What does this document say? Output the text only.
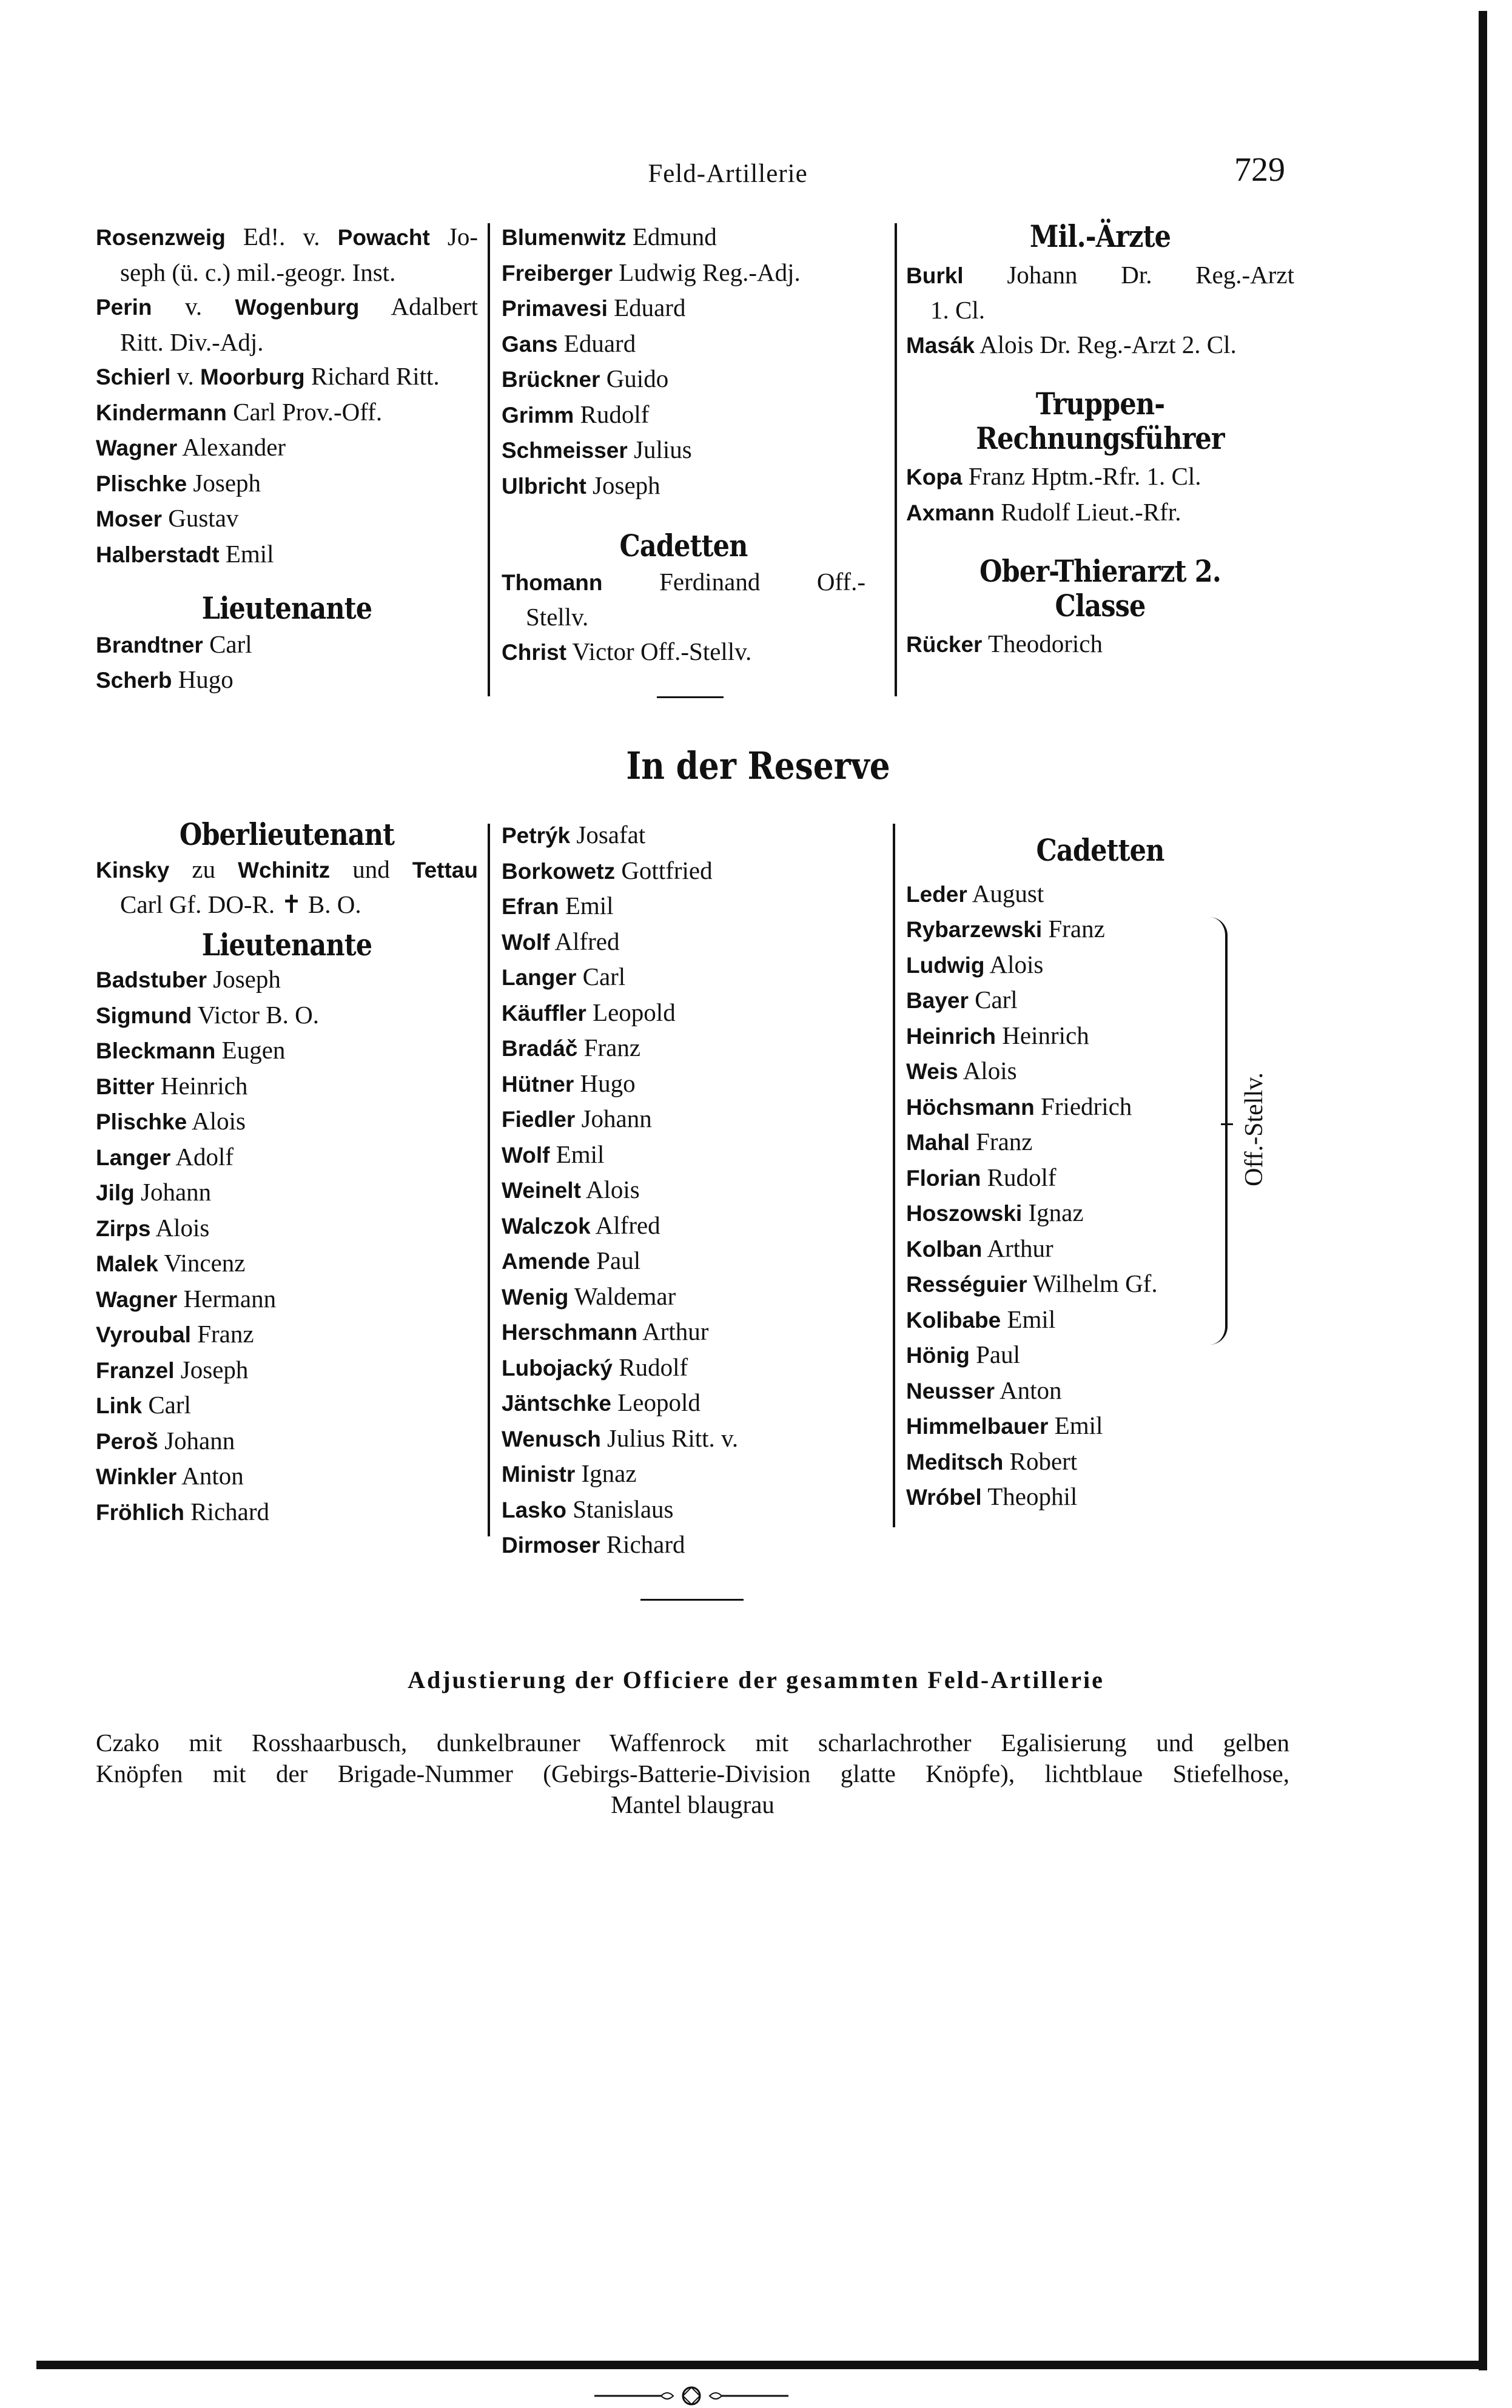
Feld-Artillerie	729
Rosenzweig Ed!. v. Powacht Jo-
seph (ü. c.) mil.-geogr. Inst.
Perin v. Wogenburg Adalbert
Ritt. Div.-Adj.
Schierl v. Moorburg Richard Ritt.
Kindermann Carl Prov.-Off.
Wagner Alexander
Plischke Joseph
Moser Gustav
Halberstadt Emil
Lieutenante
Brandtner Carl
Scherb Hugo
Blumenwitz Edmund
Freiberger Ludwig Reg.-Adj.
Primavesi Eduard
Gans Eduard
Brückner Guido
Grimm Rudolf
Schmeisser Julius
Ulbricht Joseph
Cadetten
Thomann Ferdinand Off.-
Stellv.
Christ Victor Off.-Stellv.
Mil.-Ärzte
Burkl Johann Dr. Reg.-Arzt
1. Cl.
Masák Alois Dr. Reg.-Arzt 2. Cl.
Truppen-Rechnungsführer
Kopa Franz Hptm.-Rfr. 1. Cl.
Axmann Rudolf Lieut.-Rfr.
Ober-Thierarzt 2. Classe
Rücker Theodorich
In der Reserve
Oberlieutenant
Kinsky zu Wchinitz und Tettau
Carl Gf. DO-R. ✝ B. O.
Lieutenante
Badstuber Joseph
Sigmund Victor B. O.
Bleckmann Eugen
Bitter Heinrich
Plischke Alois
Langer Adolf
Jilg Johann
Zirps Alois
Malek Vincenz
Wagner Hermann
Vyroubal Franz
Franzel Joseph
Link Carl
Peroš Johann
Winkler Anton
Fröhlich Richard
Petrýk Josafat
Borkowetz Gottfried
Efran Emil
Wolf Alfred
Langer Carl
Käuffler Leopold
Bradáč Franz
Hütner Hugo
Fiedler Johann
Wolf Emil
Weinelt Alois
Walczok Alfred
Amende Paul
Wenig Waldemar
Herschmann Arthur
Lubojacký Rudolf
Jäntschke Leopold
Wenusch Julius Ritt. v.
Ministr Ignaz
Lasko Stanislaus
Dirmoser Richard
Cadetten
Leder August
Rybarzewski Franz
Ludwig Alois
Bayer Carl
Heinrich Heinrich
Weis Alois
Höchsmann Friedrich
Mahal Franz
Florian Rudolf
Hoszowski Ignaz
Kolban Arthur
Rességuier Wilhelm Gf.
Kolibabe Emil
Hönig Paul
Neusser Anton
Himmelbauer Emil
Meditsch Robert
Wróbel Theophil
Off.-Stellv.
Adjustierung der Officiere der gesammten Feld-Artillerie
Czako mit Rosshaarbusch, dunkelbrauner Waffenrock mit scharlachrother Egalisierung und gelben
Knöpfen mit der Brigade-Nummer (Gebirgs-Batterie-Division glatte Knöpfe), lichtblaue Stiefelhose,
Mantel blaugrau
